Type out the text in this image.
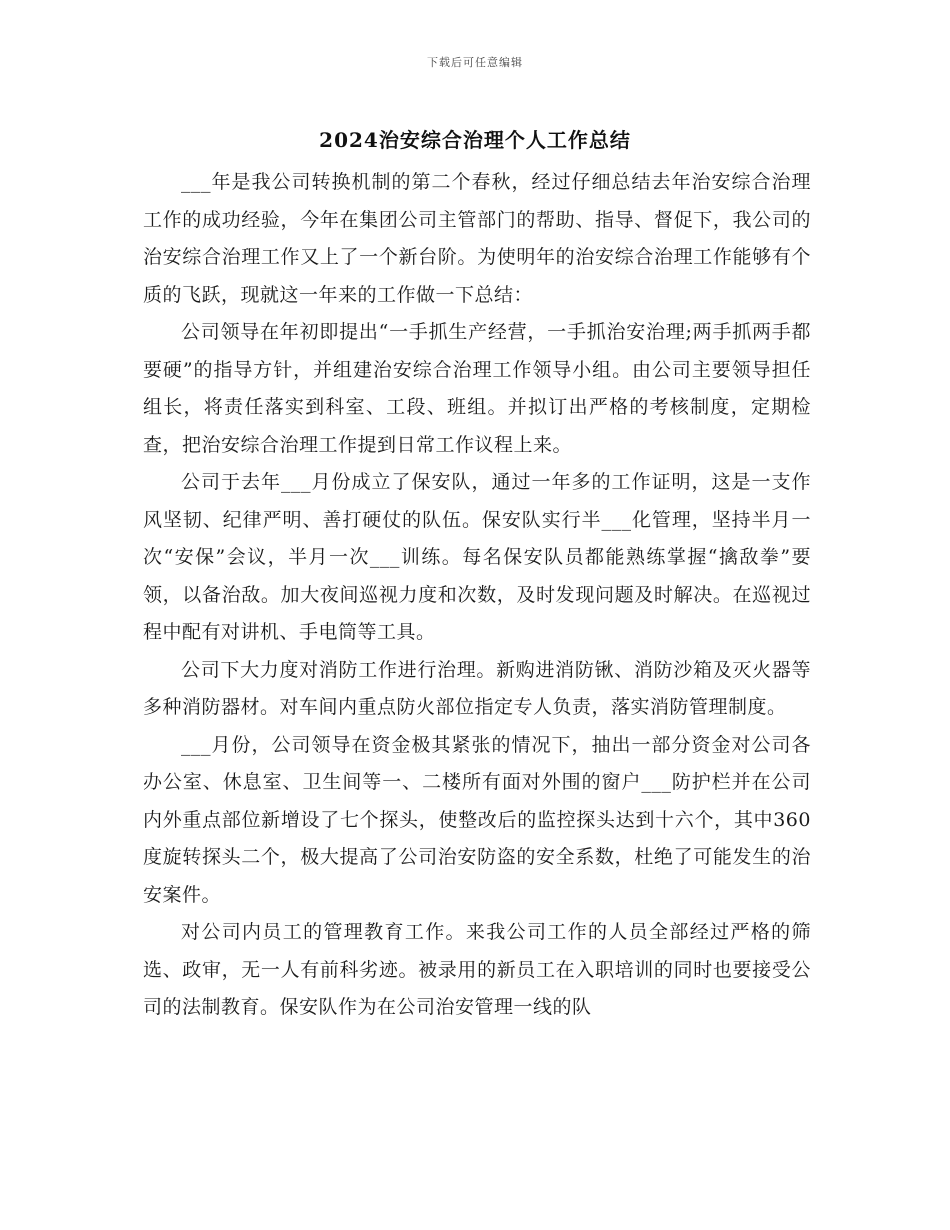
下载后可任意编辑
2024治安综合治理个人工作总结

___年是我公司转换机制的第二个春秋，经过仔细总结去年治安综合治理工作的成功经验，今年在集团公司主管部门的帮助、指导、督促下，我公司的治安综合治理工作又上了一个新台阶。为使明年的治安综合治理工作能够有个质的飞跃，现就这一年来的工作做一下总结：

公司领导在年初即提出“一手抓生产经营，一手抓治安治理;两手抓两手都要硬”的指导方针，并组建治安综合治理工作领导小组。由公司主要领导担任组长，将责任落实到科室、工段、班组。并拟订出严格的考核制度，定期检查，把治安综合治理工作提到日常工作议程上来。

公司于去年___月份成立了保安队，通过一年多的工作证明，这是一支作风坚韧、纪律严明、善打硬仗的队伍。保安队实行半___化管理，坚持半月一次“安保”会议，半月一次___训练。每名保安队员都能熟练掌握“擒敌拳”要领，以备治敌。加大夜间巡视力度和次数，及时发现问题及时解决。在巡视过程中配有对讲机、手电筒等工具。

公司下大力度对消防工作进行治理。新购进消防锹、消防沙箱及灭火器等多种消防器材。对车间内重点防火部位指定专人负责，落实消防管理制度。

___月份，公司领导在资金极其紧张的情况下，抽出一部分资金对公司各办公室、休息室、卫生间等一、二楼所有面对外围的窗户___防护栏并在公司内外重点部位新增设了七个探头，使整改后的监控探头达到十六个，其中360度旋转探头二个，极大提高了公司治安防盗的安全系数，杜绝了可能发生的治安案件。

对公司内员工的管理教育工作。来我公司工作的人员全部经过严格的筛选、政审，无一人有前科劣迹。被录用的新员工在入职培训的同时也要接受公司的法制教育。保安队作为在公司治安管理一线的队
